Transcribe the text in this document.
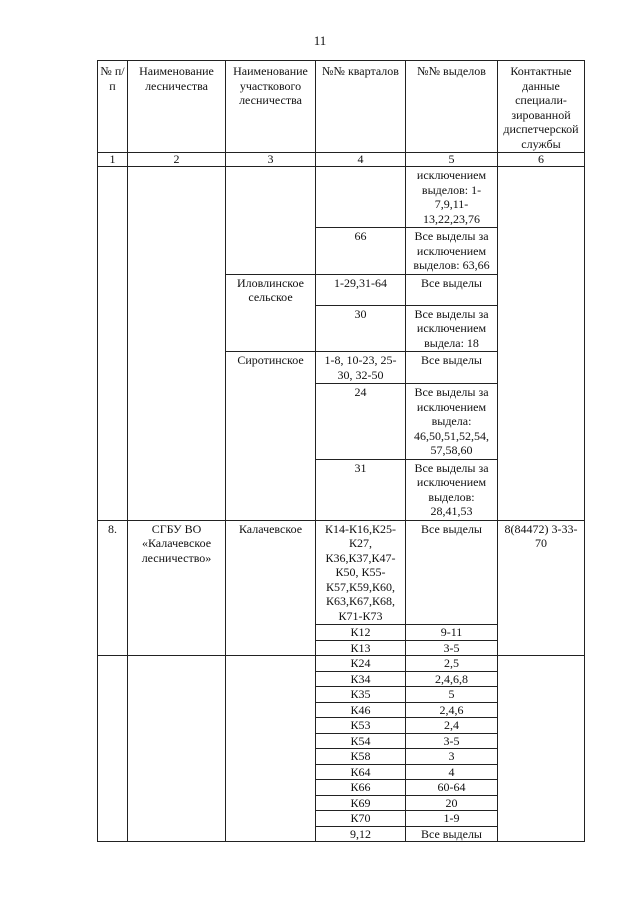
11
№ п/п	Наименование лесничества	Наименование участкового лесничества	№№ кварталов	№№ выделов	Контактные данные специали-зированной диспетчерской службы
1	2	3	4	5	6
				исключением выделов: 1-7,9,11-13,22,23,76	
			66	Все выделы за исключением выделов: 63,66	
		Иловлинское сельское	1-29,31-64	Все выделы	
			30	Все выделы за исключением выдела: 18	
		Сиротинское	1-8, 10-23, 25-30, 32-50	Все выделы	
			24	Все выделы за исключением выдела: 46,50,51,52,54, 57,58,60	
			31	Все выделы за исключением выделов: 28,41,53	
8.	СГБУ ВО «Калачевское лесничество»	Калачевское	К14-К16,К25-К27, К36,К37,К47-К50, К55-К57,К59,К60, К63,К67,К68, К71-К73	Все выделы	8(84472) 3-33-70
			К12	9-11	
			К13	3-5	
			К24	2,5	
			К34	2,4,6,8	
			К35	5	
			К46	2,4,6	
			К53	2,4	
			К54	3-5	
			К58	3	
			К64	4	
			К66	60-64	
			К69	20	
			К70	1-9	
			9,12	Все выделы	
